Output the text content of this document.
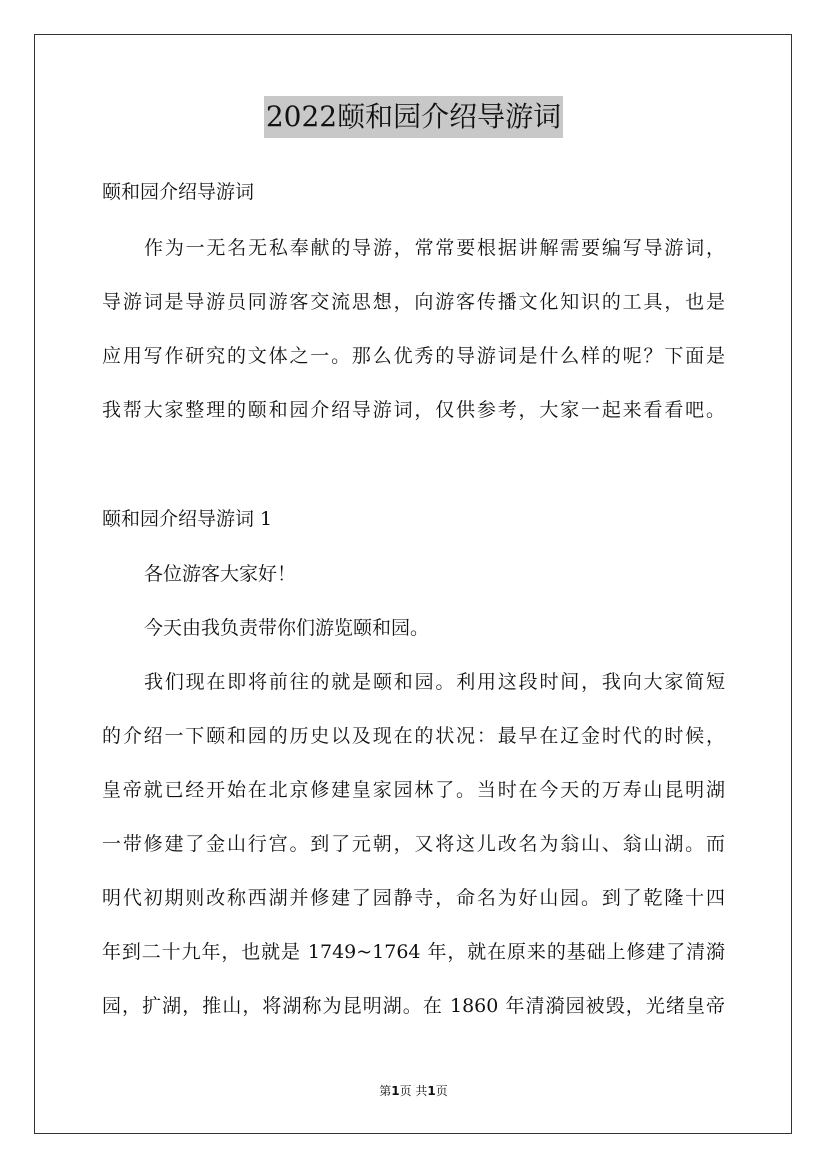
2022颐和园介绍导游词
颐和园介绍导游词
作为一无名无私奉献的导游，常常要根据讲解需要编写导游词，
导游词是导游员同游客交流思想，向游客传播文化知识的工具，也是
应用写作研究的文体之一。那么优秀的导游词是什么样的呢？下面是
我帮大家整理的颐和园介绍导游词，仅供参考，大家一起来看看吧。
颐和园介绍导游词 1
各位游客大家好！
今天由我负责带你们游览颐和园。
我们现在即将前往的就是颐和园。利用这段时间，我向大家简短
的介绍一下颐和园的历史以及现在的状况：最早在辽金时代的时候，
皇帝就已经开始在北京修建皇家园林了。当时在今天的万寿山昆明湖
一带修建了金山行宫。到了元朝，又将这儿改名为翁山、翁山湖。而
明代初期则改称西湖并修建了园静寺，命名为好山园。到了乾隆十四
年到二十九年，也就是 1749~1764 年，就在原来的基础上修建了清漪
园，扩湖，推山，将湖称为昆明湖。在 1860 年清漪园被毁，光绪皇帝
第1页 共1页
